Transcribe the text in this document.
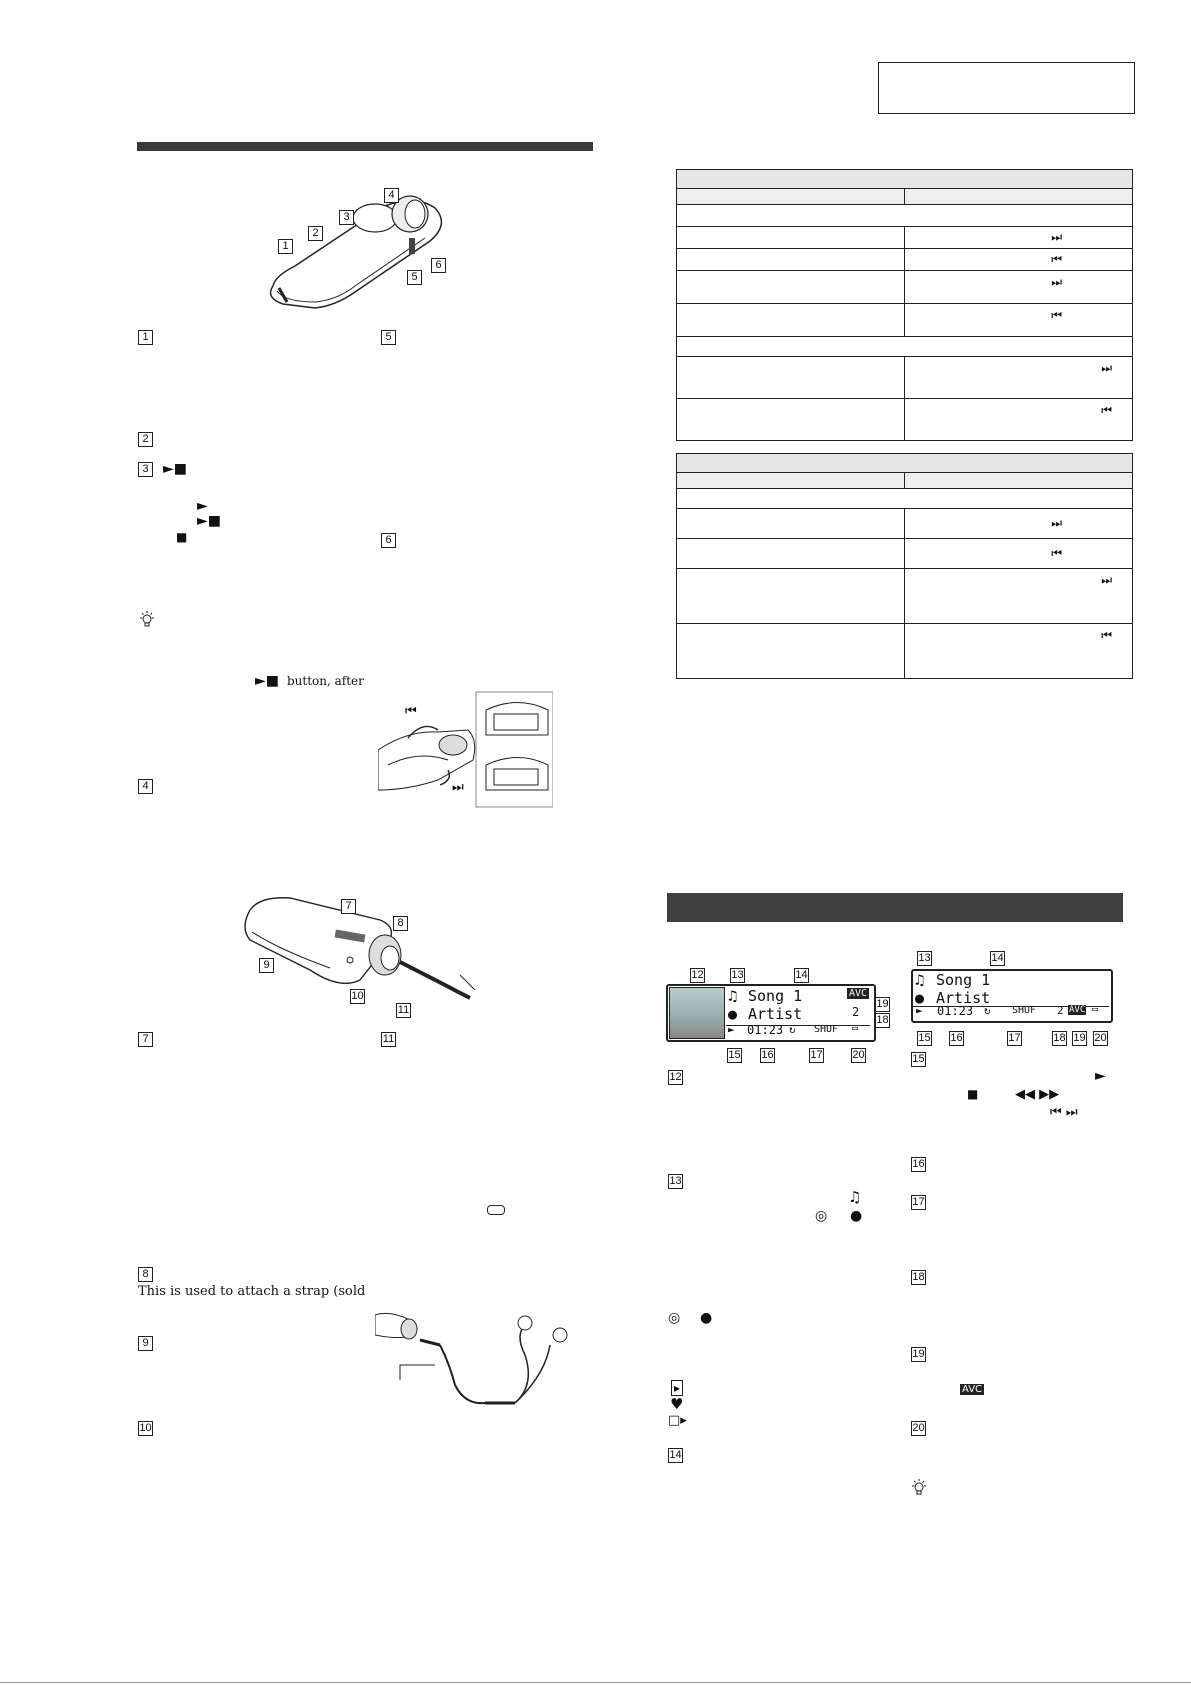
1
2
3
4
5
6
1	5
2
3	►■
►
►■
■	6
►■ button, after
⏮
⏭
4
7
8
9
10
11
7	11
8
This is used to attach a strap (sold
9
10

	⏭
	⏮
	⏭
	⏮

	⏭
	⏮

	⏭
	⏮
	⏭
	⏮
♫ Song 1
● Artist
► 01:23 ↻ SHUF ▭
AVC
2
12	13	14
19
18
15 16	17	20
♫ Song 1
● Artist
► 01:23 ↻ SHUF 2 AVC ▭
13	14
15 16	17	18 19 20
12
13
14
15
16
17
18
19
20
►
■	◀◀ ▶▶
⏮ ⏭
♫
◎ ●
◎ ●
▸
♥
□▸
AVC
